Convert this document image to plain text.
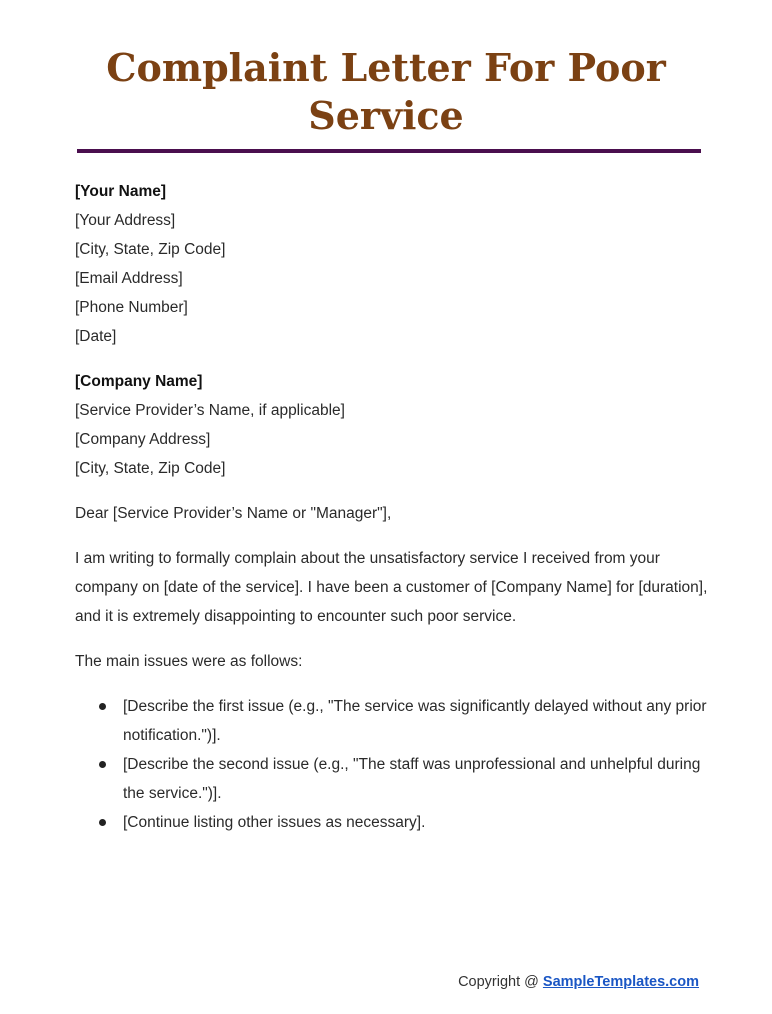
Complaint Letter For Poor Service
[Your Name]
[Your Address]
[City, State, Zip Code]
[Email Address]
[Phone Number]
[Date]
[Company Name]
[Service Provider’s Name, if applicable]
[Company Address]
[City, State, Zip Code]

Dear [Service Provider’s Name or "Manager"],

I am writing to formally complain about the unsatisfactory service I received from your company on [date of the service]. I have been a customer of [Company Name] for [duration], and it is extremely disappointing to encounter such poor service.

The main issues were as follows:

[Describe the first issue (e.g., "The service was significantly delayed without any prior notification.")].
[Describe the second issue (e.g., "The staff was unprofessional and unhelpful during the service.")].
[Continue listing other issues as necessary].
Copyright @ SampleTemplates.com
